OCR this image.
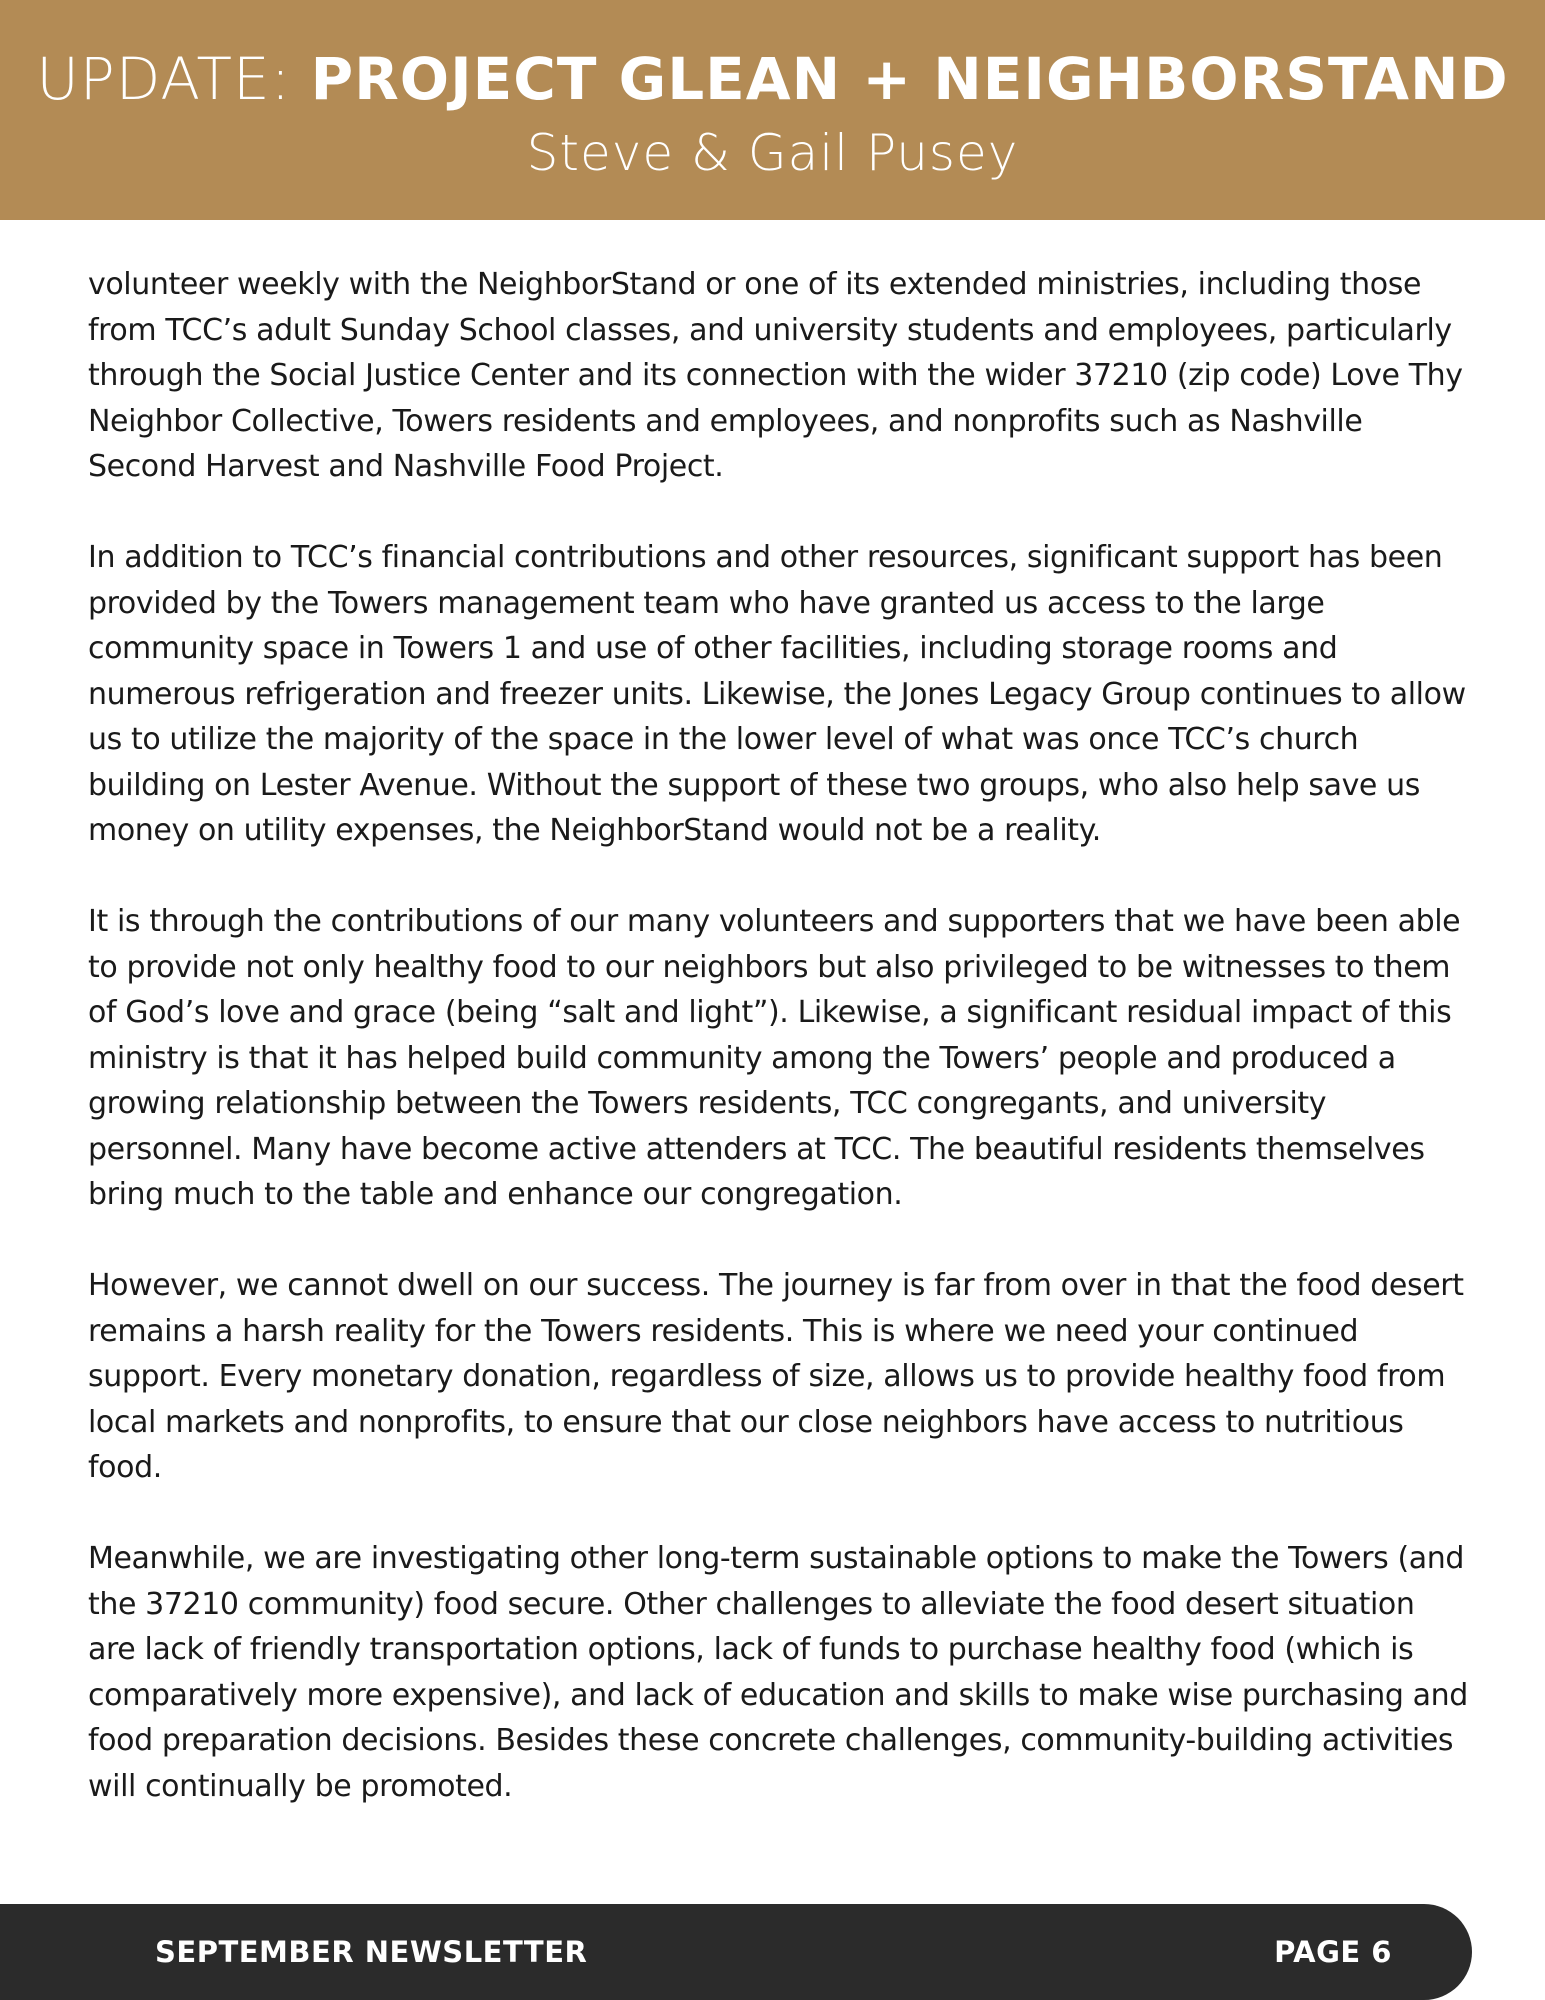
UPDATE: PROJECT GLEAN + NEIGHBORSTAND
Steve & Gail Pusey

volunteer weekly with the NeighborStand or one of its extended ministries, including those from TCC’s adult Sunday School classes, and university students and employees, particularly through the Social Justice Center and its connection with the wider 37210 (zip code) Love Thy Neighbor Collective, Towers residents and employees, and nonprofits such as Nashville Second Harvest and Nashville Food Project.

In addition to TCC’s financial contributions and other resources, significant support has been provided by the Towers management team who have granted us access to the large community space in Towers 1 and use of other facilities, including storage rooms and numerous refrigeration and freezer units. Likewise, the Jones Legacy Group continues to allow us to utilize the majority of the space in the lower level of what was once TCC’s church building on Lester Avenue. Without the support of these two groups, who also help save us money on utility expenses, the NeighborStand would not be a reality.

It is through the contributions of our many volunteers and supporters that we have been able to provide not only healthy food to our neighbors but also privileged to be witnesses to them of God’s love and grace (being “salt and light”). Likewise, a significant residual impact of this ministry is that it has helped build community among the Towers’ people and produced a growing relationship between the Towers residents, TCC congregants, and university personnel. Many have become active attenders at TCC. The beautiful residents themselves bring much to the table and enhance our congregation.

However, we cannot dwell on our success. The journey is far from over in that the food desert remains a harsh reality for the Towers residents. This is where we need your continued support. Every monetary donation, regardless of size, allows us to provide healthy food from local markets and nonprofits, to ensure that our close neighbors have access to nutritious food.

Meanwhile, we are investigating other long-term sustainable options to make the Towers (and the 37210 community) food secure. Other challenges to alleviate the food desert situation are lack of friendly transportation options, lack of funds to purchase healthy food (which is comparatively more expensive), and lack of education and skills to make wise purchasing and food preparation decisions. Besides these concrete challenges, community-building activities will continually be promoted.

SEPTEMBER NEWSLETTER	PAGE 6
